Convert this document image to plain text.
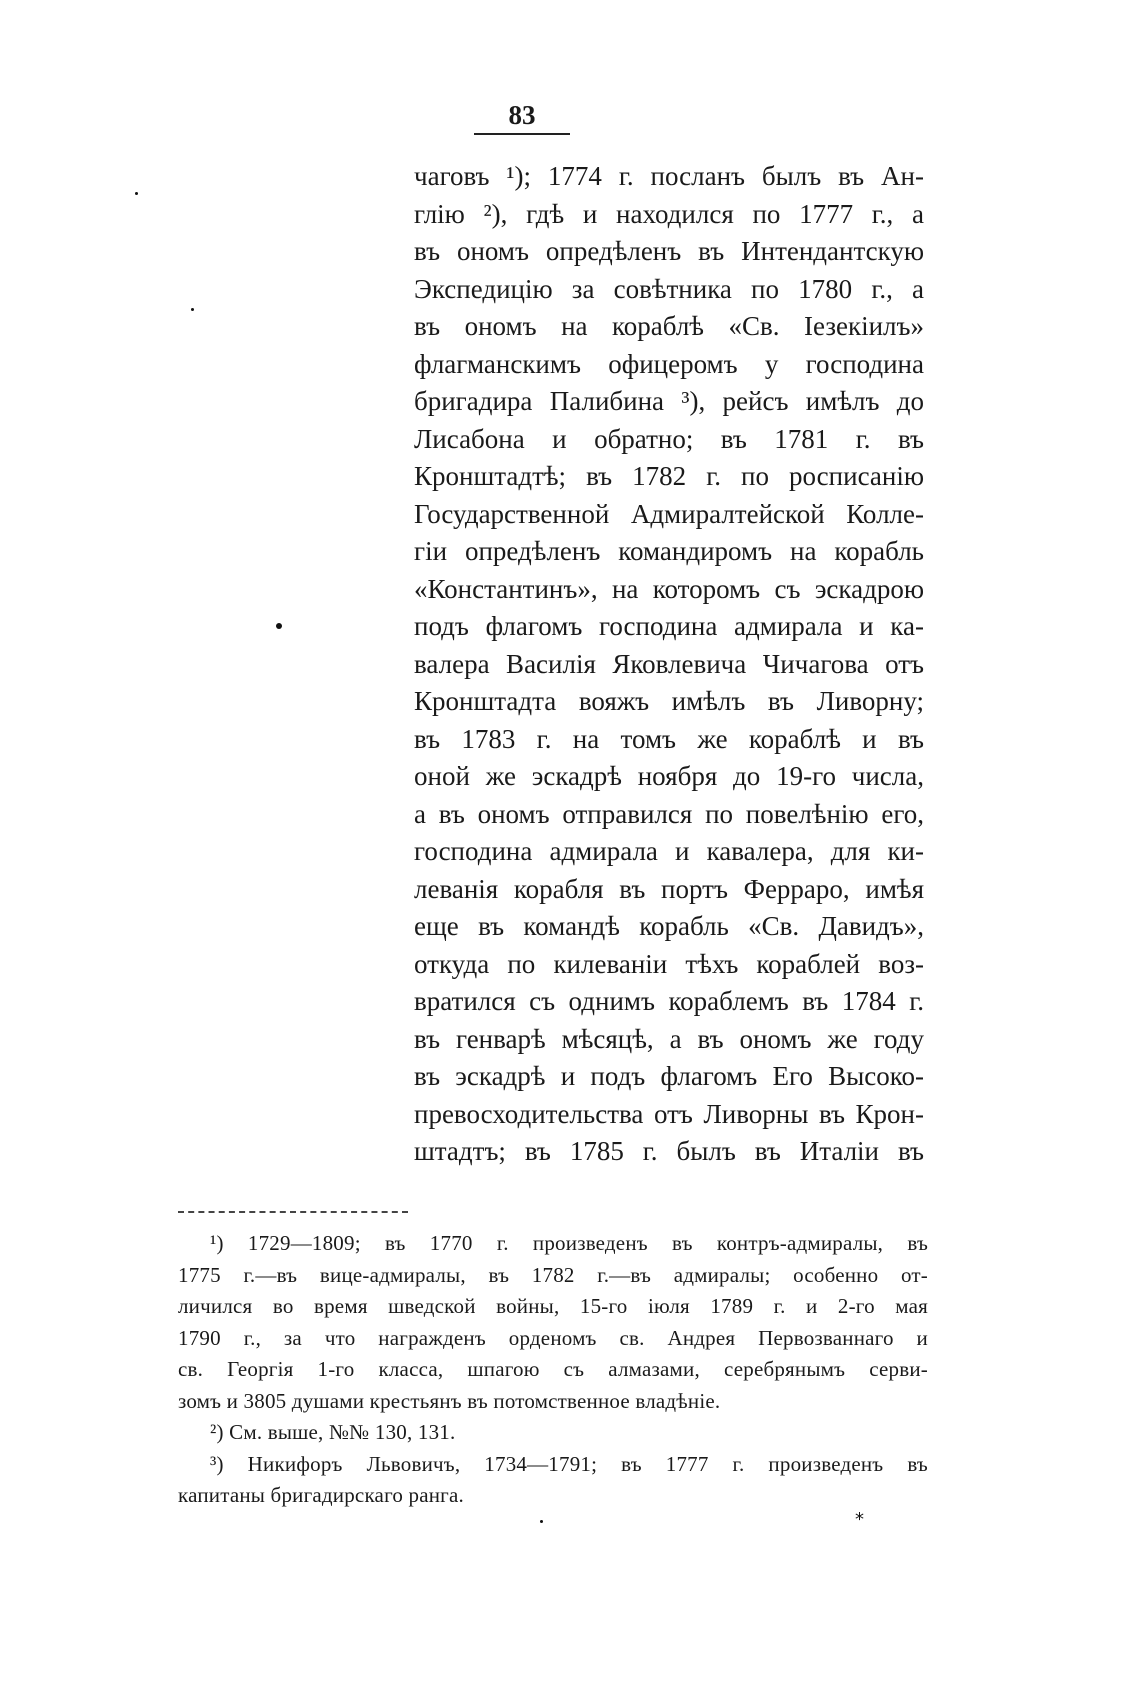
83
чаговъ ¹); 1774 г. посланъ былъ въ Ан-
глію ²), гдѣ и находился по 1777 г., а
въ ономъ опредѣленъ въ Интендантскую
Экспедицію за совѣтника по 1780 г., а
въ ономъ на кораблѣ «Св. Іезекіилъ»
флагманскимъ офицеромъ у господина
бригадира Палибина ³), рейсъ имѣлъ до
Лисабона и обратно; въ 1781 г. въ
Кронштадтѣ; въ 1782 г. по росписанію
Государственной Адмиралтейской Колле-
гіи опредѣленъ командиромъ на корабль
«Константинъ», на которомъ съ эскадрою
подъ флагомъ господина адмирала и ка-
валера Василія Яковлевича Чичагова отъ
Кронштадта вояжъ имѣлъ въ Ливорну;
въ 1783 г. на томъ же кораблѣ и въ
оной же эскадрѣ ноября до 19-го числа,
а въ ономъ отправился по повелѣнію его,
господина адмирала и кавалера, для ки-
леванія корабля въ портъ Ферраро, имѣя
еще въ командѣ корабль «Св. Давидъ»,
откуда по килеваніи тѣхъ кораблей воз-
вратился съ однимъ кораблемъ въ 1784 г.
въ генварѣ мѣсяцѣ, а въ ономъ же году
въ эскадрѣ и подъ флагомъ Его Высоко-
превосходительства отъ Ливорны въ Крон-
штадтъ; въ 1785 г. былъ въ Италіи въ
¹) 1729—1809; въ 1770 г. произведенъ въ контръ-адмиралы, въ
1775 г.—въ вице-адмиралы, въ 1782 г.—въ адмиралы; особенно от-
личился во время шведской войны, 15-го іюля 1789 г. и 2-го мая
1790 г., за что награжденъ орденомъ св. Андрея Первозваннаго и
св. Георгія 1-го класса, шпагою съ алмазами, серебрянымъ серви-
зомъ и 3805 душами крестьянъ въ потомственное владѣніе.
²) См. выше, №№ 130, 131.
³) Никифоръ Львовичъ, 1734—1791; въ 1777 г. произведенъ въ
капитаны бригадирскаго ранга.
*
